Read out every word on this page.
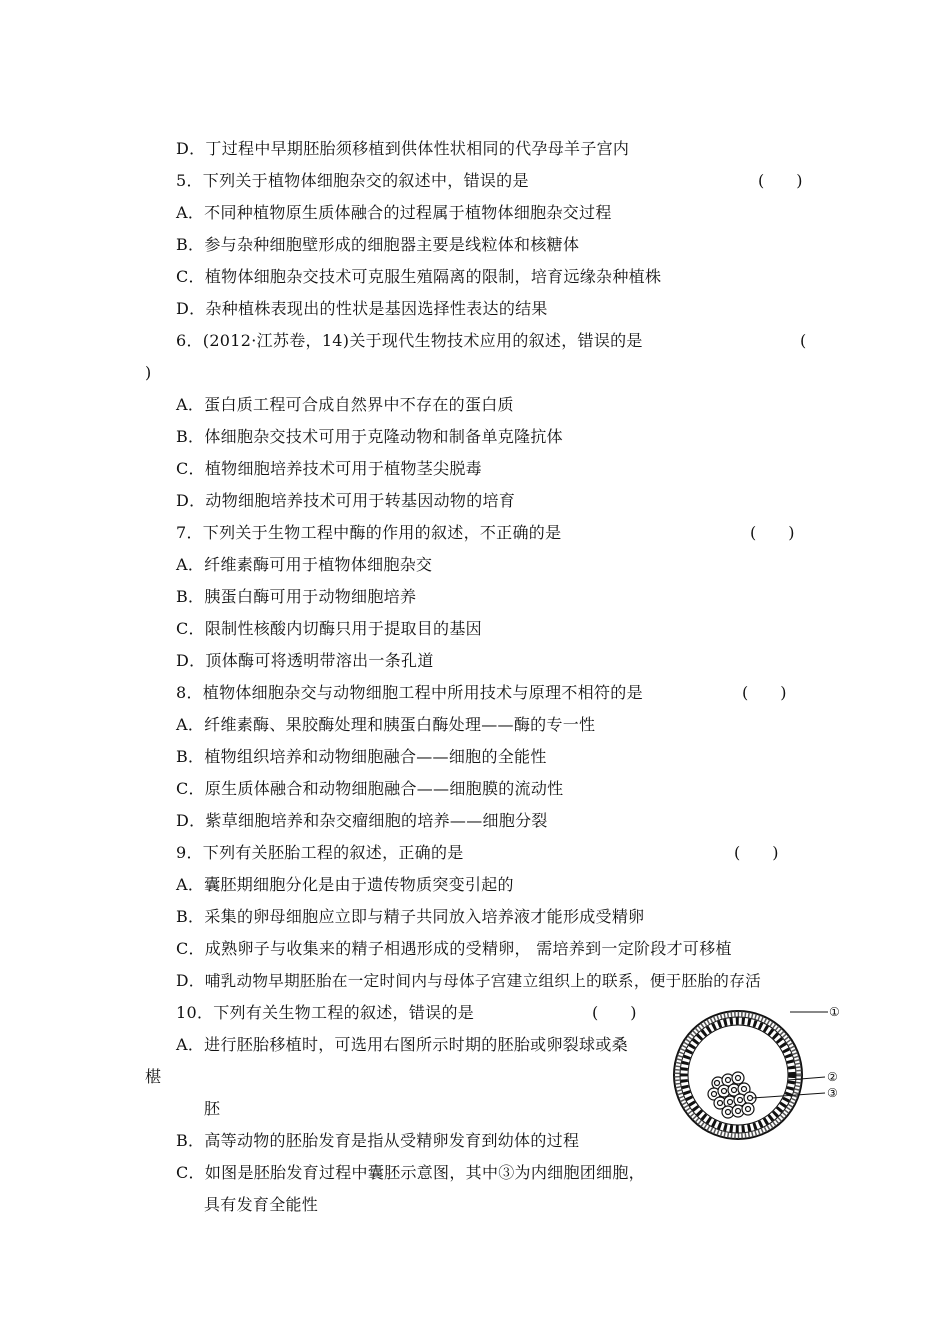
D．丁过程中早期胚胎须移植到供体性状相同的代孕母羊子宫内
5．下列关于植物体细胞杂交的叙述中，错误的是	(　　)
A．不同种植物原生质体融合的过程属于植物体细胞杂交过程
B．参与杂种细胞壁形成的细胞器主要是线粒体和核糖体
C．植物体细胞杂交技术可克服生殖隔离的限制，培育远缘杂种植株
D．杂种植株表现出的性状是基因选择性表达的结果
6．(2012·江苏卷，14)关于现代生物技术应用的叙述，错误的是	(
)
A．蛋白质工程可合成自然界中不存在的蛋白质
B．体细胞杂交技术可用于克隆动物和制备单克隆抗体
C．植物细胞培养技术可用于植物茎尖脱毒
D．动物细胞培养技术可用于转基因动物的培育
7．下列关于生物工程中酶的作用的叙述，不正确的是	(　　)
A．纤维素酶可用于植物体细胞杂交
B．胰蛋白酶可用于动物细胞培养
C．限制性核酸内切酶只用于提取目的基因
D．顶体酶可将透明带溶出一条孔道
8．植物体细胞杂交与动物细胞工程中所用技术与原理不相符的是	(　　)
A．纤维素酶、果胶酶处理和胰蛋白酶处理——酶的专一性
B．植物组织培养和动物细胞融合——细胞的全能性
C．原生质体融合和动物细胞融合——细胞膜的流动性
D．紫草细胞培养和杂交瘤细胞的培养——细胞分裂
9．下列有关胚胎工程的叙述，正确的是	(　　)
A．囊胚期细胞分化是由于遗传物质突变引起的
B．采集的卵母细胞应立即与精子共同放入培养液才能形成受精卵
C．成熟卵子与收集来的精子相遇形成的受精卵， 需培养到一定阶段才可移植
D．哺乳动物早期胚胎在一定时间内与母体子宫建立组织上的联系，便于胚胎的存活
10．下列有关生物工程的叙述，错误的是	(　　)
A．进行胚胎移植时，可选用右图所示时期的胚胎或卵裂球或桑
椹
胚
B．高等动物的胚胎发育是指从受精卵发育到幼体的过程
C．如图是胚胎发育过程中囊胚示意图，其中③为内细胞团细胞，
具有发育全能性
①
②
③
